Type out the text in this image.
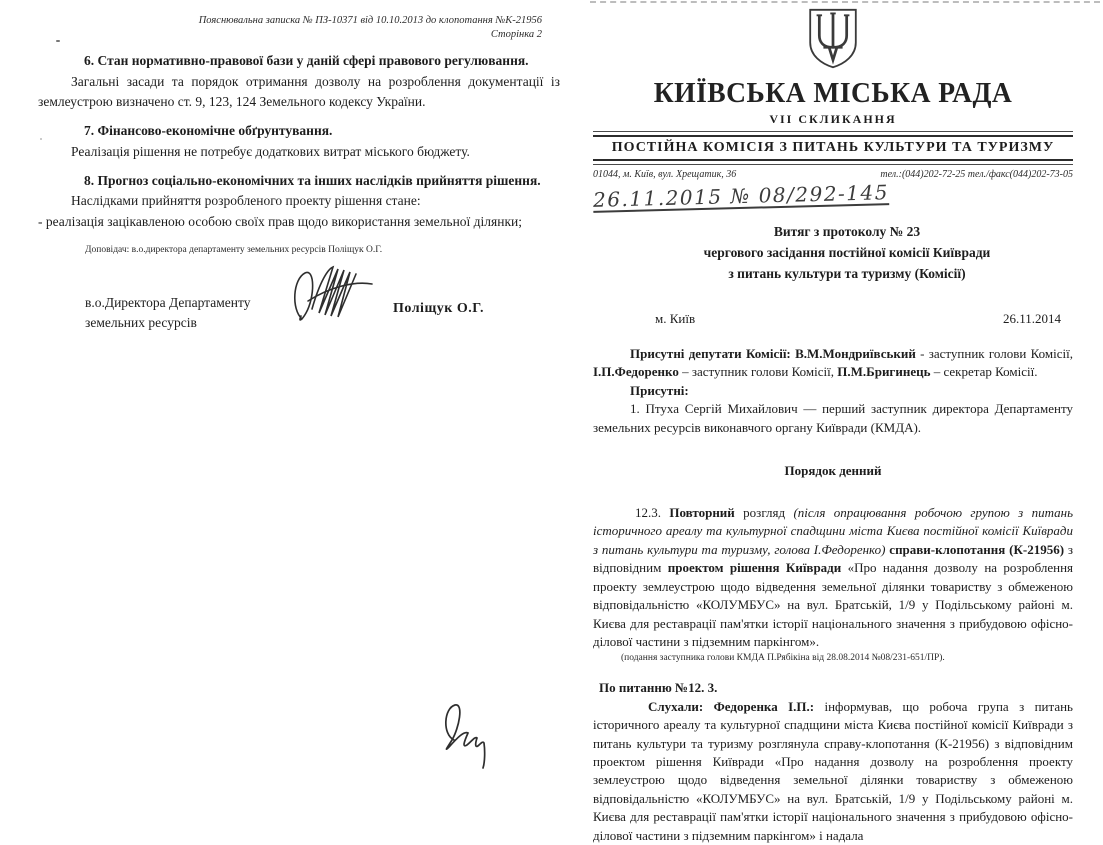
Пояснювальна записка № ПЗ-10371 від 10.10.2013 до клопотання №К-21956
Сторінка 2

6. Стан нормативно-правової бази у даній сфері правового регулювання.

Загальні засади та порядок отримання дозволу на розроблення документації із землеустрою визначено ст. 9, 123, 124 Земельного кодексу України.

7. Фінансово-економічне обґрунтування.

Реалізація рішення не потребує додаткових витрат міського бюджету.

8. Прогноз соціально-економічних та інших наслідків прийняття рішення.

Наслідками прийняття розробленого проекту рішення стане:

- реалізація зацікавленою особою своїх прав щодо використання земельної ділянки;

Доповідач: в.о.директора департаменту земельних ресурсів Поліщук О.Г.

в.о.Директора Департаменту
земельних ресурсів
Поліщук О.Г.
КИЇВСЬКА МІСЬКА РАДА
VII СКЛИКАННЯ
ПОСТІЙНА КОМІСІЯ З ПИТАНЬ КУЛЬТУРИ ТА ТУРИЗМУ
01044, м. Київ, вул. Хрещатик, 36	тел.:(044)202-72-25 тел./факс(044)202-73-05
26.11.2015 № 08/292-145
Витяг з протоколу № 23
чергового засідання постійної комісії Київради
з питань культури та туризму (Комісії)
м. Київ	26.11.2014

Присутні депутати Комісії: В.М.Мондриївський - заступник голови Комісії, І.П.Федоренко – заступник голови Комісії, П.М.Бригинець – секретар Комісії.

Присутні:

1. Птуха Сергій Михайлович — перший заступник директора Департаменту земельних ресурсів виконавчого органу Київради (КМДА).

Порядок денний

12.3. Повторний розгляд (після опрацювання робочою групою з питань історичного ареалу та культурної спадщини міста Києва постійної комісії Київради з питань культури та туризму, голова І.Федоренко) справи-клопотання (К-21956) з відповідним проектом рішення Київради «Про надання дозволу на розроблення проекту землеустрою щодо відведення земельної ділянки товариству з обмеженою відповідальністю «КОЛУМБУС» на вул. Братській, 1/9 у Подільському районі м. Києва для реставрації пам'ятки історії національного значення з прибудовою офісно-ділової частини з підземним паркінгом».

(подання заступника голови КМДА П.Рябікіна від 28.08.2014 №08/231-651/ПР).

По питанню №12. 3.

Слухали: Федоренка І.П.: інформував, що робоча група з питань історичного ареалу та культурної спадщини міста Києва постійної комісії Київради з питань культури та туризму розглянула справу-клопотання (К-21956) з відповідним проектом рішення Київради «Про надання дозволу на розроблення проекту землеустрою щодо відведення земельної ділянки товариству з обмеженою відповідальністю «КОЛУМБУС» на вул. Братській, 1/9 у Подільському районі м. Києва для реставрації пам'ятки історії національного значення з прибудовою офісно-ділової частини з підземним паркінгом» і надала
